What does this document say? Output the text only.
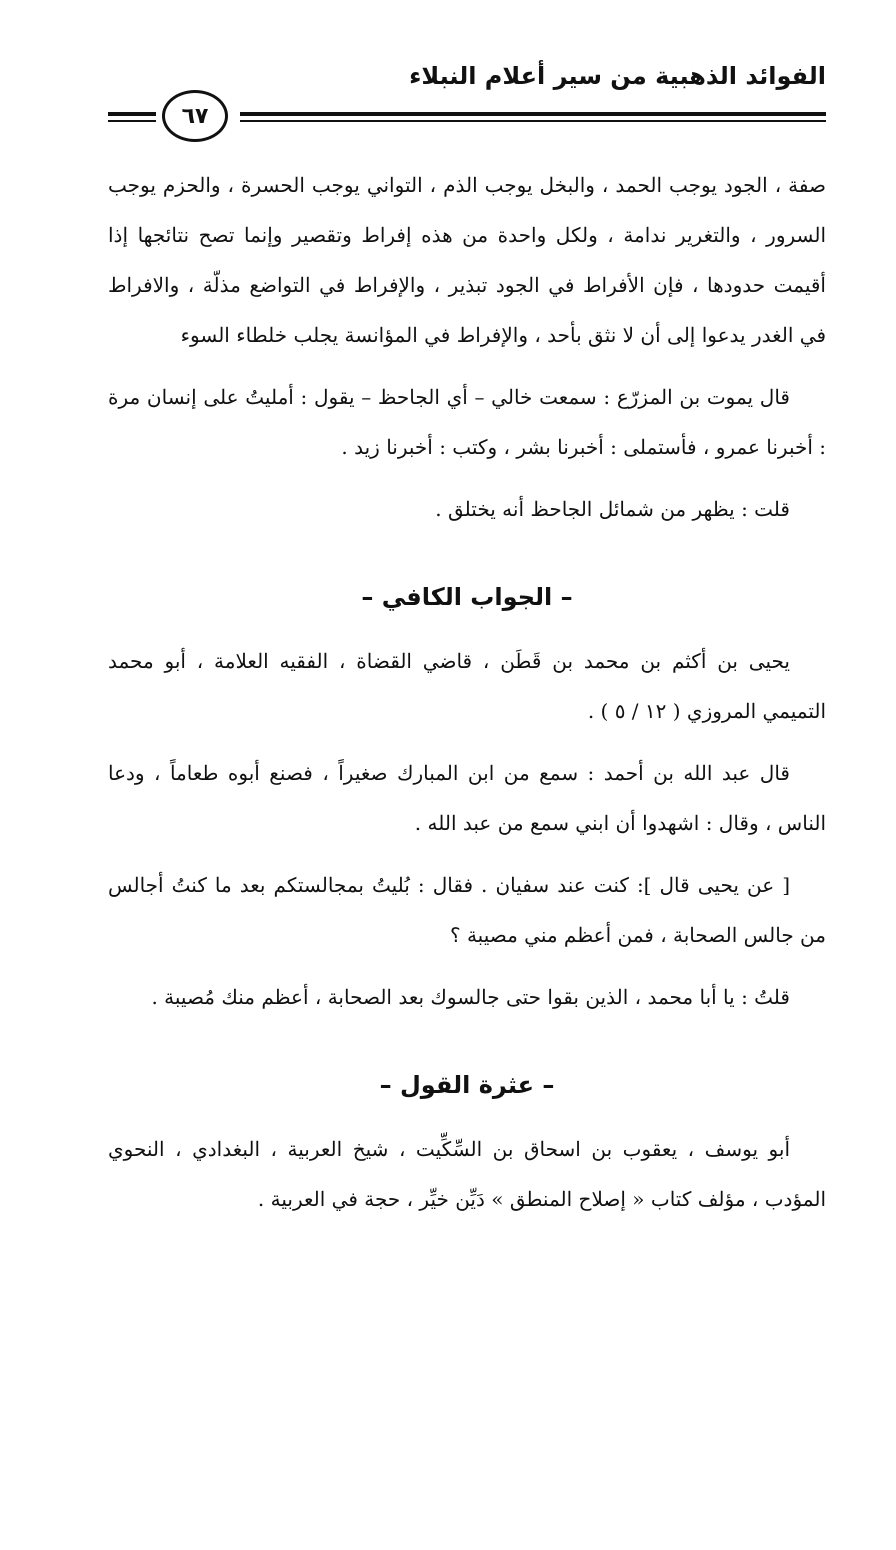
الفوائد الذهبية من سير أعلام النبلاء
٦٧

صفة ، الجود يوجب الحمد ، والبخل يوجب الذم ، التواني يوجب الحسرة ، والحزم يوجب السرور ، والتغرير ندامة ، ولكل واحدة من هذه إفراط وتقصير وإنما تصح نتائجها إذا أقيمت حدودها ، فإن الأفراط في الجود تبذير ، والإفراط في التواضع مذلّة ، والافراط في الغدر يدعوا إلى أن لا نثق بأحد ، والإفراط في المؤانسة يجلب خلطاء السوء

قال يموت بن المزرّع : سمعت خالي – أي الجاحظ – يقول : أمليتُ على إنسان مرة : أخبرنا عمرو ، فأستملى : أخبرنا بشر ، وكتب : أخبرنا زيد .

قلت : يظهر من شمائل الجاحظ أنه يختلق .

– الجواب الكافي –

يحيى بن أكثم بن محمد بن قَطَن ، قاضي القضاة ، الفقيه العلامة ، أبو محمد التميمي المروزي ( ١٢ / ٥ ) .

قال عبد الله بن أحمد : سمع من ابن المبارك صغيراً ، فصنع أبوه طعاماً ، ودعا الناس ، وقال : اشهدوا أن ابني سمع من عبد الله .

[ عن يحيى قال ]: كنت عند سفيان . فقال : بُليتُ بمجالستكم بعد ما كنتُ أجالس من جالس الصحابة ، فمن أعظم مني مصيبة ؟

قلتُ : يا أبا محمد ، الذين بقوا حتى جالسوك بعد الصحابة ، أعظم منك مُصيبة .

– عثرة القول –

أبو يوسف ، يعقوب بن اسحاق بن السِّكِّيت ، شيخ العربية ، البغدادي ، النحوي المؤدب ، مؤلف كتاب « إصلاح المنطق » دَيِّن خيِّر ، حجة في العربية .
